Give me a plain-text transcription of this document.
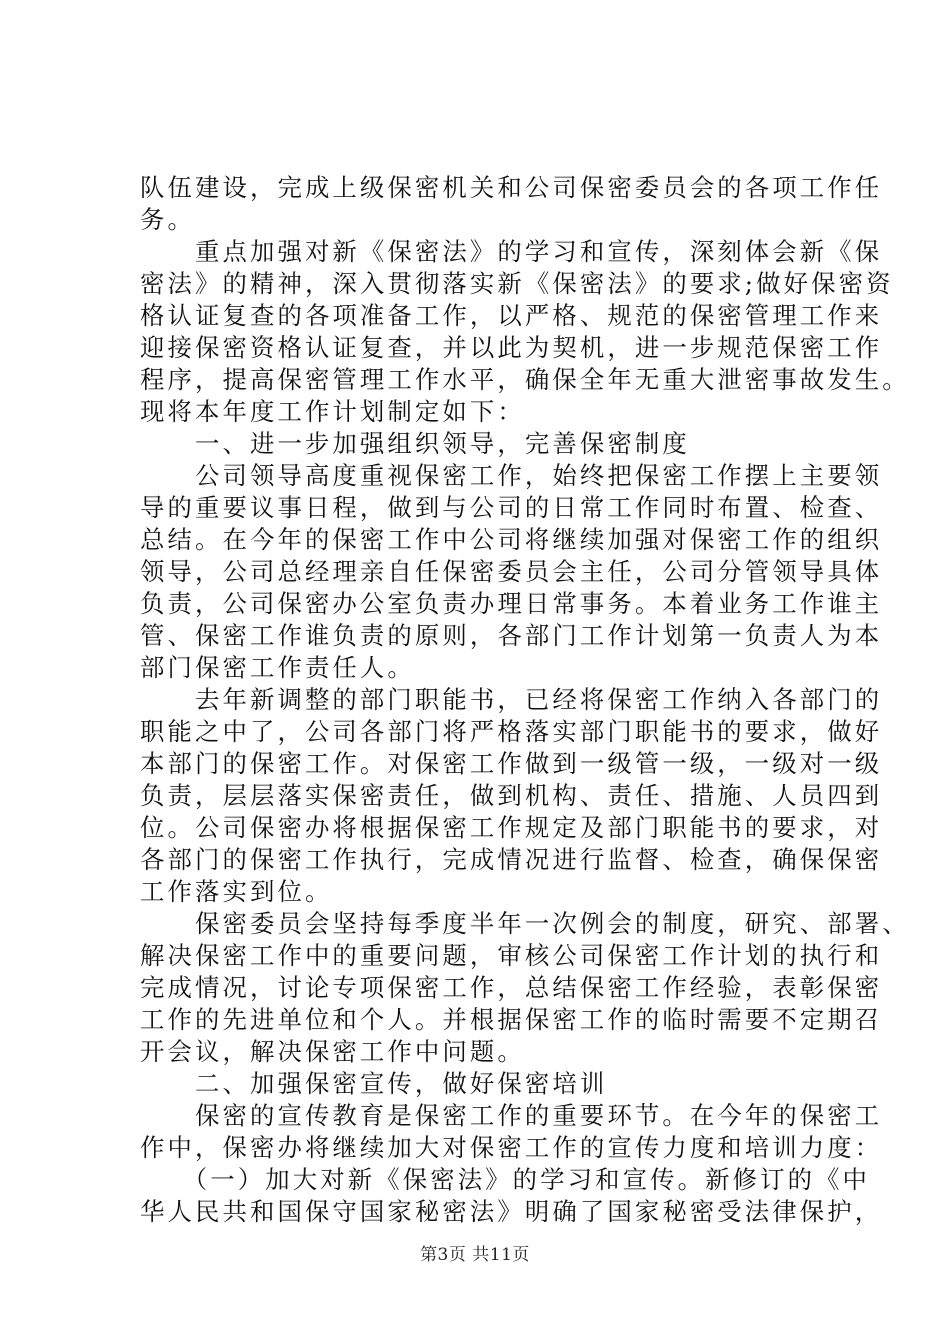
队伍建设，完成上级保密机关和公司保密委员会的各项工作任
务。
　　重点加强对新《保密法》的学习和宣传，深刻体会新《保
密法》的精神，深入贯彻落实新《保密法》的要求;做好保密资
格认证复查的各项准备工作，以严格、规范的保密管理工作来
迎接保密资格认证复查，并以此为契机，进一步规范保密工作
程序，提高保密管理工作水平，确保全年无重大泄密事故发生。
现将本年度工作计划制定如下：
　　一、进一步加强组织领导，完善保密制度
　　公司领导高度重视保密工作，始终把保密工作摆上主要领
导的重要议事日程，做到与公司的日常工作同时布置、检查、
总结。在今年的保密工作中公司将继续加强对保密工作的组织
领导，公司总经理亲自任保密委员会主任，公司分管领导具体
负责，公司保密办公室负责办理日常事务。本着业务工作谁主
管、保密工作谁负责的原则，各部门工作计划第一负责人为本
部门保密工作责任人。
　　去年新调整的部门职能书，已经将保密工作纳入各部门的
职能之中了，公司各部门将严格落实部门职能书的要求，做好
本部门的保密工作。对保密工作做到一级管一级，一级对一级
负责，层层落实保密责任，做到机构、责任、措施、人员四到
位。公司保密办将根据保密工作规定及部门职能书的要求，对
各部门的保密工作执行，完成情况进行监督、检查，确保保密
工作落实到位。
　　保密委员会坚持每季度半年一次例会的制度，研究、部署、
解决保密工作中的重要问题，审核公司保密工作计划的执行和
完成情况，讨论专项保密工作，总结保密工作经验，表彰保密
工作的先进单位和个人。并根据保密工作的临时需要不定期召
开会议，解决保密工作中问题。
　　二、加强保密宣传，做好保密培训
　　保密的宣传教育是保密工作的重要环节。在今年的保密工
作中，保密办将继续加大对保密工作的宣传力度和培训力度：
　　（一）加大对新《保密法》的学习和宣传。新修订的《中
华人民共和国保守国家秘密法》明确了国家秘密受法律保护，
第3页 共11页
